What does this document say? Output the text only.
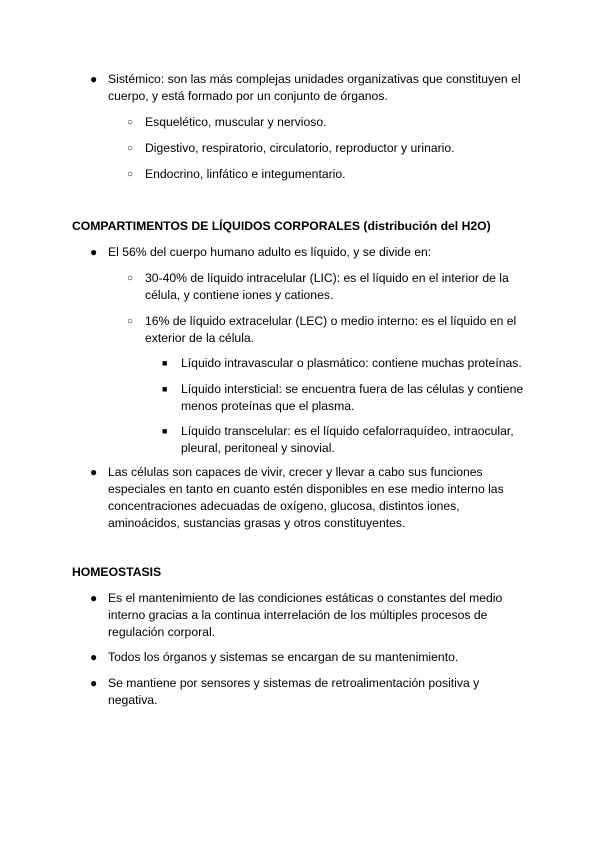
● Sistémico: son las más complejas unidades organizativas que constituyen el cuerpo, y está formado por un conjunto de órganos.
○ Esquelético, muscular y nervioso.
○ Digestivo, respiratorio, circulatorio, reproductor y urinario.
○ Endocrino, linfático e integumentario.
COMPARTIMENTOS DE LÍQUIDOS CORPORALES (distribución del H2O)
● El 56% del cuerpo humano adulto es líquido, y se divide en:
○ 30-40% de líquido intracelular (LIC): es el líquido en el interior de la célula, y contiene iones y cationes.
○ 16% de líquido extracelular (LEC) o medio interno: es el líquido en el exterior de la célula.
■ Líquido intravascular o plasmático: contiene muchas proteínas.
■ Líquido intersticial: se encuentra fuera de las células y contiene menos proteínas que el plasma.
■ Líquido transcelular: es el líquido cefalorraquídeo, intraocular, pleural, peritoneal y sinovial.
● Las células son capaces de vivir, crecer y llevar a cabo sus funciones especiales en tanto en cuanto estén disponibles en ese medio interno las concentraciones adecuadas de oxígeno, glucosa, distintos iones, aminoácidos, sustancias grasas y otros constituyentes.
HOMEOSTASIS
● Es el mantenimiento de las condiciones estáticas o constantes del medio interno gracias a la continua interrelación de los múltiples procesos de regulación corporal.
● Todos los órganos y sistemas se encargan de su mantenimiento.
● Se mantiene por sensores y sistemas de retroalimentación positiva y negativa.
